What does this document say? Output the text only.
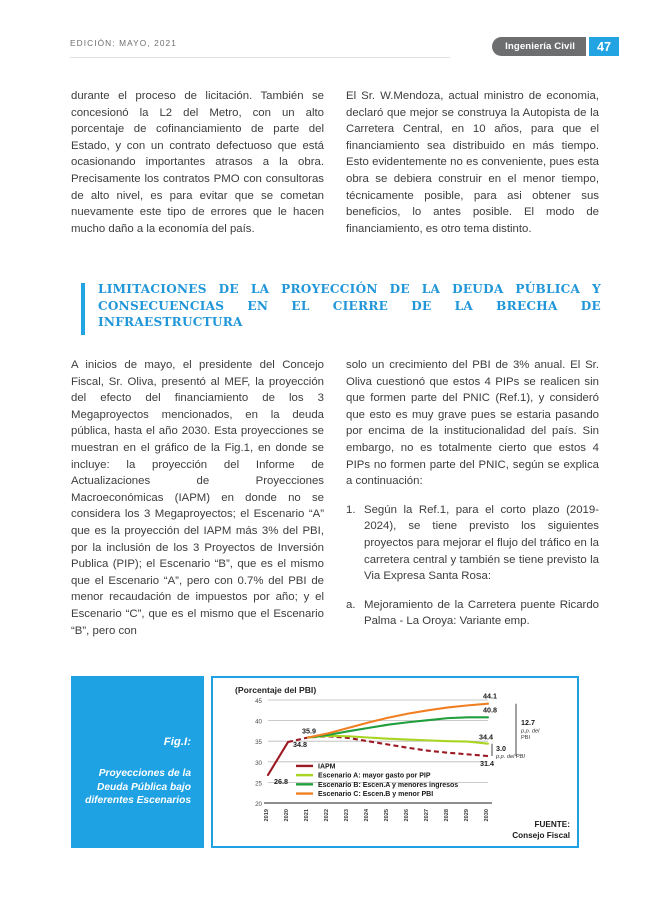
EDICIÓN: MAYO, 2021	Ingeniería Civil	47

durante el proceso de licitación. También se concesionó la L2 del Metro, con un alto porcentaje de cofinanciamiento de parte del Estado, y con un contrato defectuoso que está ocasionando importantes atrasos a la obra. Precisamente los contratos PMO con consultoras de alto nivel, es para evitar que se cometan nuevamente este tipo de errores que le hacen mucho daño a la economía del país.

El Sr. W.Mendoza, actual ministro de economia, declaró que mejor se construya la Autopista de la Carretera Central, en 10 años, para que el financiamiento sea distribuido en más tiempo. Esto evidentemente no es conveniente, pues esta obra se debiera construir en el menor tiempo, técnicamente posible, para asi obtener sus beneficios, lo antes posible. El modo de financiamiento, es otro tema distinto.

LIMITACIONES DE LA PROYECCIÓN DE LA DEUDA PÚBLICA Y CONSECUENCIAS EN EL CIERRE DE LA BRECHA DE INFRAESTRUCTURA

A inicios de mayo, el presidente del Concejo Fiscal, Sr. Oliva, presentó al MEF, la proyección del efecto del financiamiento de los 3 Megaproyectos mencionados, en la deuda pública, hasta el año 2030. Esta proyecciones se muestran en el gráfico de la Fig.1, en donde se incluye: la proyección del Informe de Actualizaciones de Proyecciones Macroeconómicas (IAPM) en donde no se considera los 3 Megaproyectos; el Escenario “A” que es la proyección del IAPM más 3% del PBI, por la inclusión de los 3 Proyectos de Inversión Publica (PIP); el Escenario “B”, que es el mismo que el Escenario “A”, pero con 0.7% del PBI de menor recaudación de impuestos por año; y el Escenario “C”, que es el mismo que el Escenario “B”, pero con

solo un crecimiento del PBI de 3% anual. El Sr. Oliva cuestionó que estos 4 PIPs se realicen sin que formen parte del PNIC (Ref.1), y consideró que esto es muy grave pues se estaria pasando por encima de la institucionalidad del país. Sin embargo, no es totalmente cierto que estos 4 PIPs no formen parte del PNIC, según se explica a continuación:

1. Según la Ref.1, para el corto plazo (2019-2024), se tiene previsto los siguientes proyectos para mejorar el flujo del tráfico en la carretera central y también se tiene previsto la Via Expresa Santa Rosa:
a. Mejoramiento de la Carretera puente Ricardo Palma - La Oroya: Variante emp.
Fig.I:
Proyecciones de la Deuda Pública bajo diferentes Escenarios
(Porcentaje del PBI)
20
25
30
35
40
45
2019	2020	2021	2022	2023	2024	2025	2026	2027	2028	2029	2030
26.8
34.8
35.9
44.1
40.8
34.4
31.4
12.7
p.p. del
PBI
3.0
p.p. del PBI
IAPM
Escenario A: mayor gasto por PIP
Escenario B: Escen.A y menores ingresos
Escenario C: Escen.B y menor PBI
FUENTE:
Consejo Fiscal
